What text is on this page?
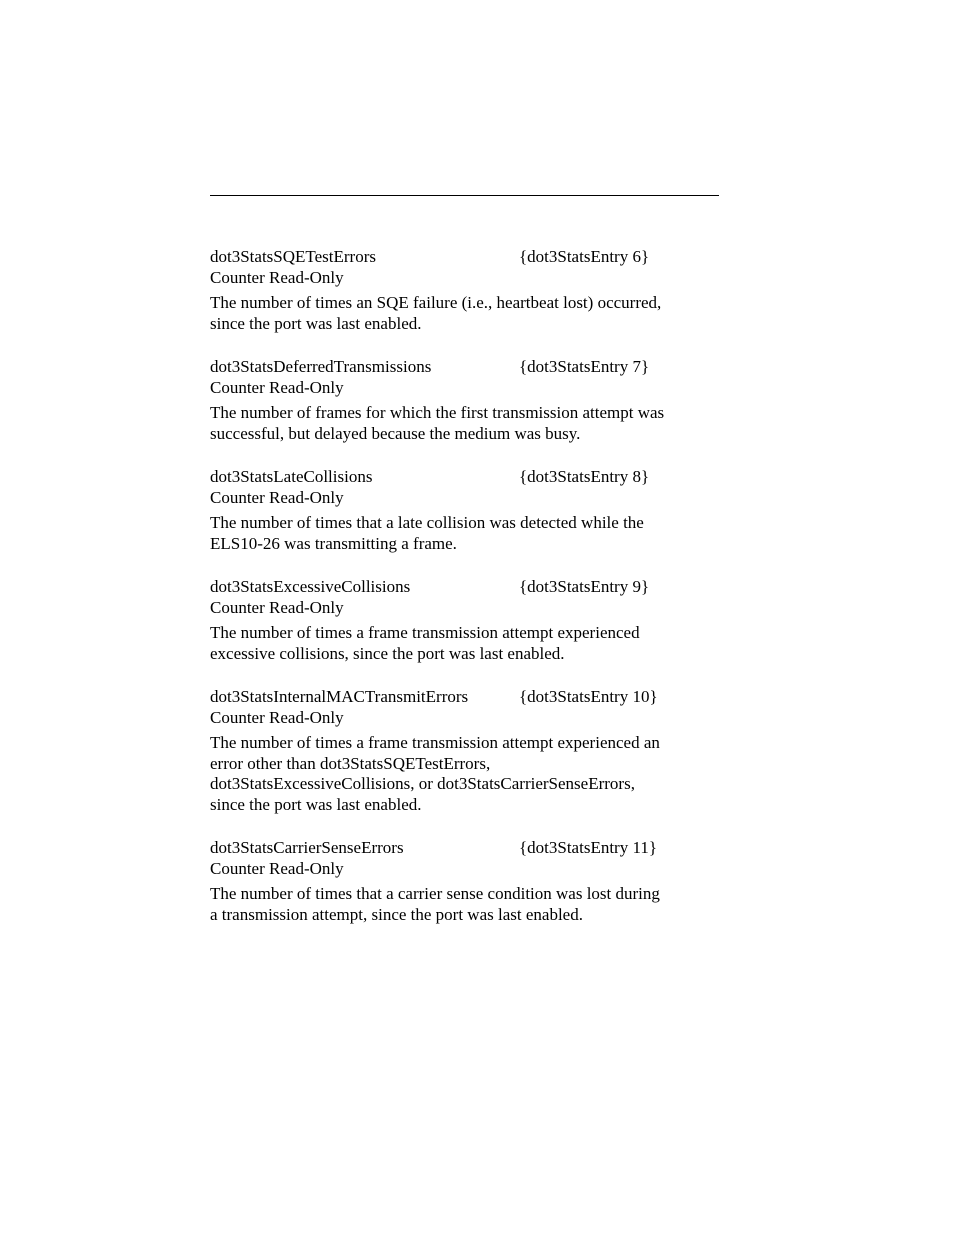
dot3StatsSQETestErrors	{dot3StatsEntry 6}
Counter Read-Only
The number of times an SQE failure (i.e., heartbeat lost) occurred,
since the port was last enabled.
dot3StatsDeferredTransmissions	{dot3StatsEntry 7}
Counter Read-Only
The number of frames for which the first transmission attempt was
successful, but delayed because the medium was busy.
dot3StatsLateCollisions	{dot3StatsEntry 8}
Counter Read-Only
The number of times that a late collision was detected while the
ELS10-26 was transmitting a frame.
dot3StatsExcessiveCollisions	{dot3StatsEntry 9}
Counter Read-Only
The number of times a frame transmission attempt experienced
excessive collisions, since the port was last enabled.
dot3StatsInternalMACTransmitErrors	{dot3StatsEntry 10}
Counter Read-Only
The number of times a frame transmission attempt experienced an
error other than dot3StatsSQETestErrors,
dot3StatsExcessiveCollisions, or dot3StatsCarrierSenseErrors,
since the port was last enabled.
dot3StatsCarrierSenseErrors	{dot3StatsEntry 11}
Counter Read-Only
The number of times that a carrier sense condition was lost during
a transmission attempt, since the port was last enabled.
